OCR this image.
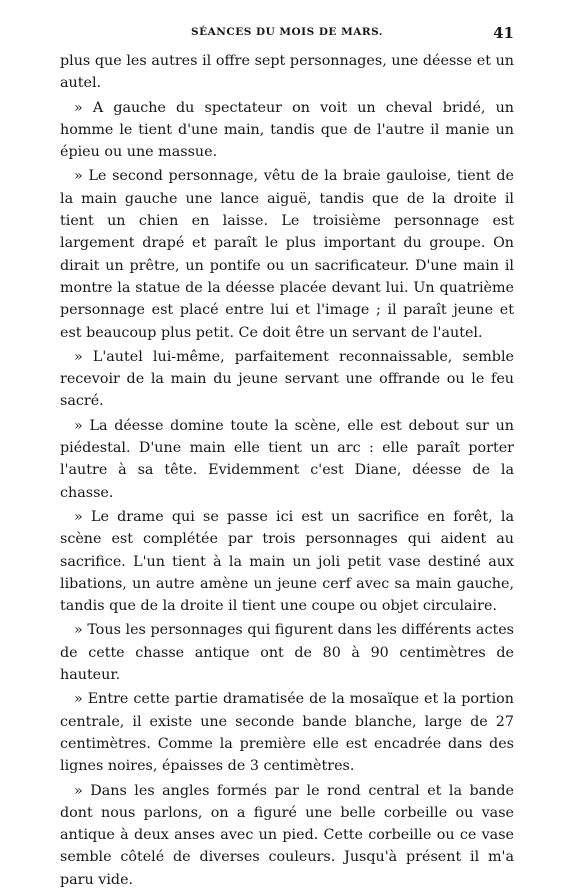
SÉANCES DU MOIS DE MARS.	41

plus que les autres il offre sept personnages, une déesse et un autel.

» A gauche du spectateur on voit un cheval bridé, un homme le tient d'une main, tandis que de l'autre il manie un épieu ou une massue.

» Le second personnage, vêtu de la braie gauloise, tient de la main gauche une lance aiguë, tandis que de la droite il tient un chien en laisse. Le troisième personnage est largement drapé et paraît le plus important du groupe. On dirait un prêtre, un pontife ou un sacrificateur. D'une main il montre la statue de la déesse placée devant lui. Un quatrième personnage est placé entre lui et l'image ; il paraît jeune et est beaucoup plus petit. Ce doit être un servant de l'autel.

» L'autel lui-même, parfaitement reconnaissable, semble recevoir de la main du jeune servant une offrande ou le feu sacré.

» La déesse domine toute la scène, elle est debout sur un piédestal. D'une main elle tient un arc : elle paraît porter l'autre à sa tête. Evidemment c'est Diane, déesse de la chasse.

» Le drame qui se passe ici est un sacrifice en forêt, la scène est complétée par trois personnages qui aident au sacrifice. L'un tient à la main un joli petit vase destiné aux libations, un autre amène un jeune cerf avec sa main gauche, tandis que de la droite il tient une coupe ou objet circulaire.

» Tous les personnages qui figurent dans les différents actes de cette chasse antique ont de 80 à 90 centimètres de hauteur.

» Entre cette partie dramatisée de la mosaïque et la portion centrale, il existe une seconde bande blanche, large de 27 centimètres. Comme la première elle est encadrée dans des lignes noires, épaisses de 3 centimètres.

» Dans les angles formés par le rond central et la bande dont nous parlons, on a figuré une belle corbeille ou vase antique à deux anses avec un pied. Cette corbeille ou ce vase semble côtelé de diverses couleurs. Jusqu'à présent il m'a paru vide.
